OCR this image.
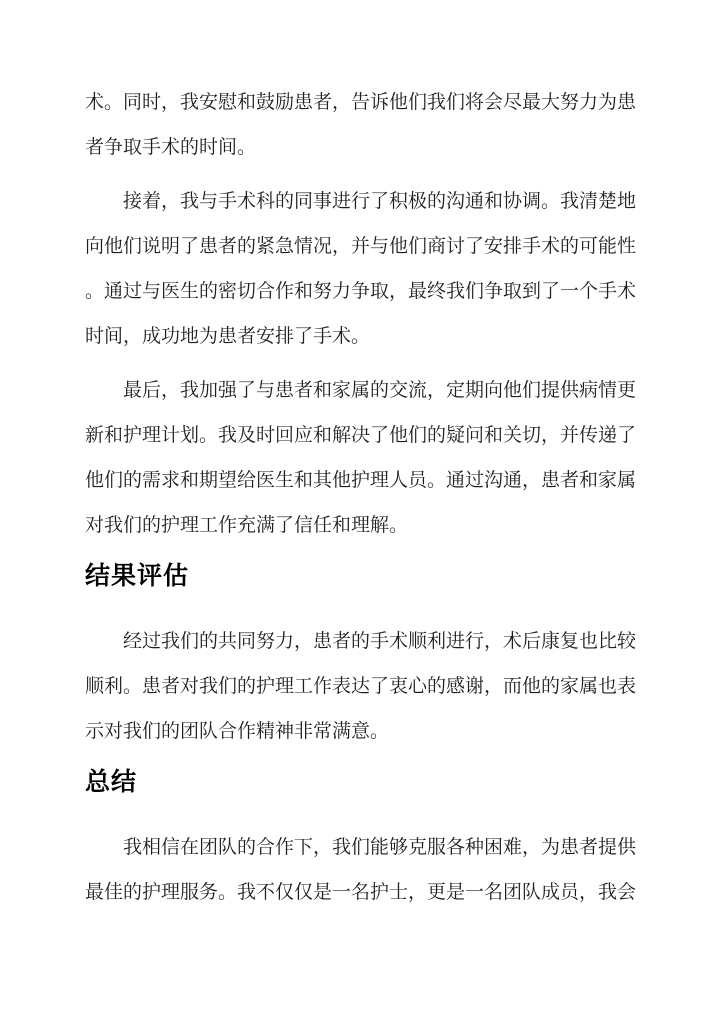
术。同时，我安慰和鼓励患者，告诉他们我们将会尽最大努力为患
者争取手术的时间。
接着，我与手术科的同事进行了积极的沟通和协调。我清楚地
向他们说明了患者的紧急情况，并与他们商讨了安排手术的可能性
。通过与医生的密切合作和努力争取，最终我们争取到了一个手术
时间，成功地为患者安排了手术。
最后，我加强了与患者和家属的交流，定期向他们提供病情更
新和护理计划。我及时回应和解决了他们的疑问和关切，并传递了
他们的需求和期望给医生和其他护理人员。通过沟通，患者和家属
对我们的护理工作充满了信任和理解。
结果评估
经过我们的共同努力，患者的手术顺利进行，术后康复也比较
顺利。患者对我们的护理工作表达了衷心的感谢，而他的家属也表
示对我们的团队合作精神非常满意。
总结
我相信在团队的合作下，我们能够克服各种困难，为患者提供
最佳的护理服务。我不仅仅是一名护士，更是一名团队成员，我会
